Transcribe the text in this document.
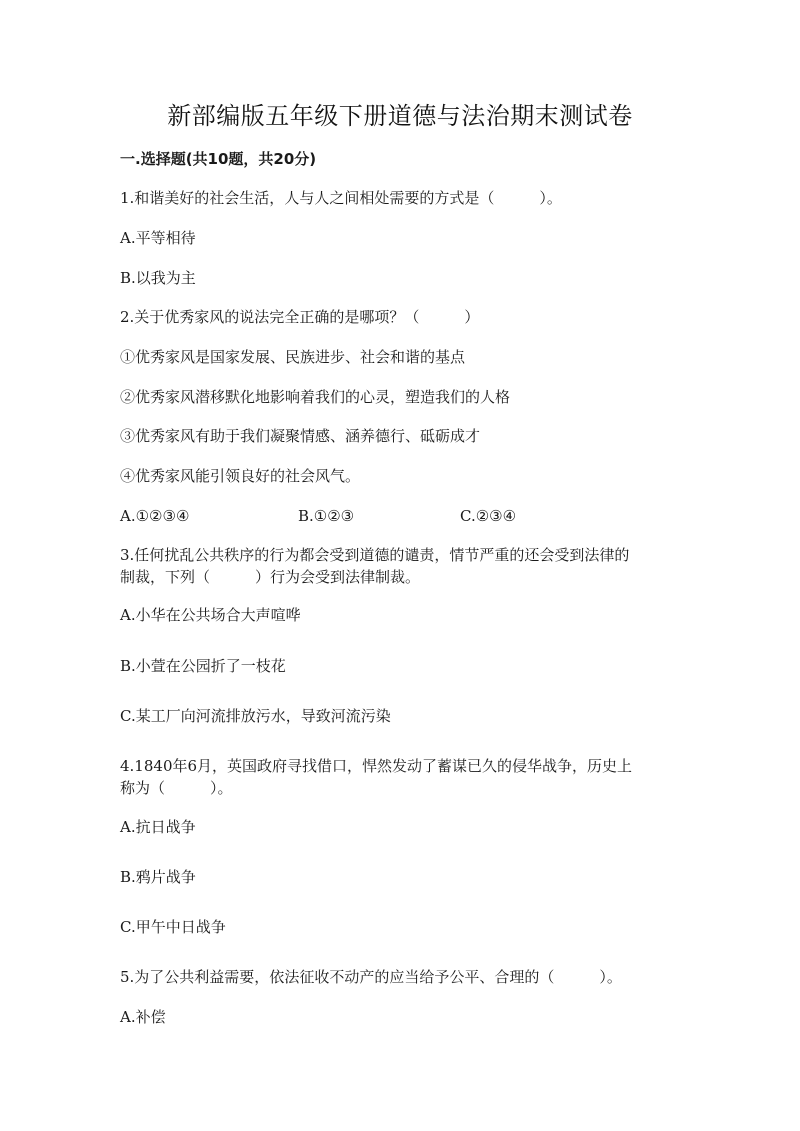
新部编版五年级下册道德与法治期末测试卷
一.选择题(共10题，共20分)
1.和谐美好的社会生活，人与人之间相处需要的方式是（　　　）。
A.平等相待
B.以我为主
2.关于优秀家风的说法完全正确的是哪项？（　　　）
①优秀家风是国家发展、民族进步、社会和谐的基点
②优秀家风潜移默化地影响着我们的心灵，塑造我们的人格
③优秀家风有助于我们凝聚情感、涵养德行、砥砺成才
④优秀家风能引领良好的社会风气。
A.①②③④	B.①②③	C.②③④
3.任何扰乱公共秩序的行为都会受到道德的谴责，情节严重的还会受到法律的
制裁，下列（　　　）行为会受到法律制裁。
A.小华在公共场合大声喧哗
B.小萱在公园折了一枝花
C.某工厂向河流排放污水，导致河流污染
4.1840年6月，英国政府寻找借口，悍然发动了蓄谋已久的侵华战争，历史上
称为（　　　）。
A.抗日战争
B.鸦片战争
C.甲午中日战争
5.为了公共利益需要，依法征收不动产的应当给予公平、合理的（　　　）。
A.补偿
